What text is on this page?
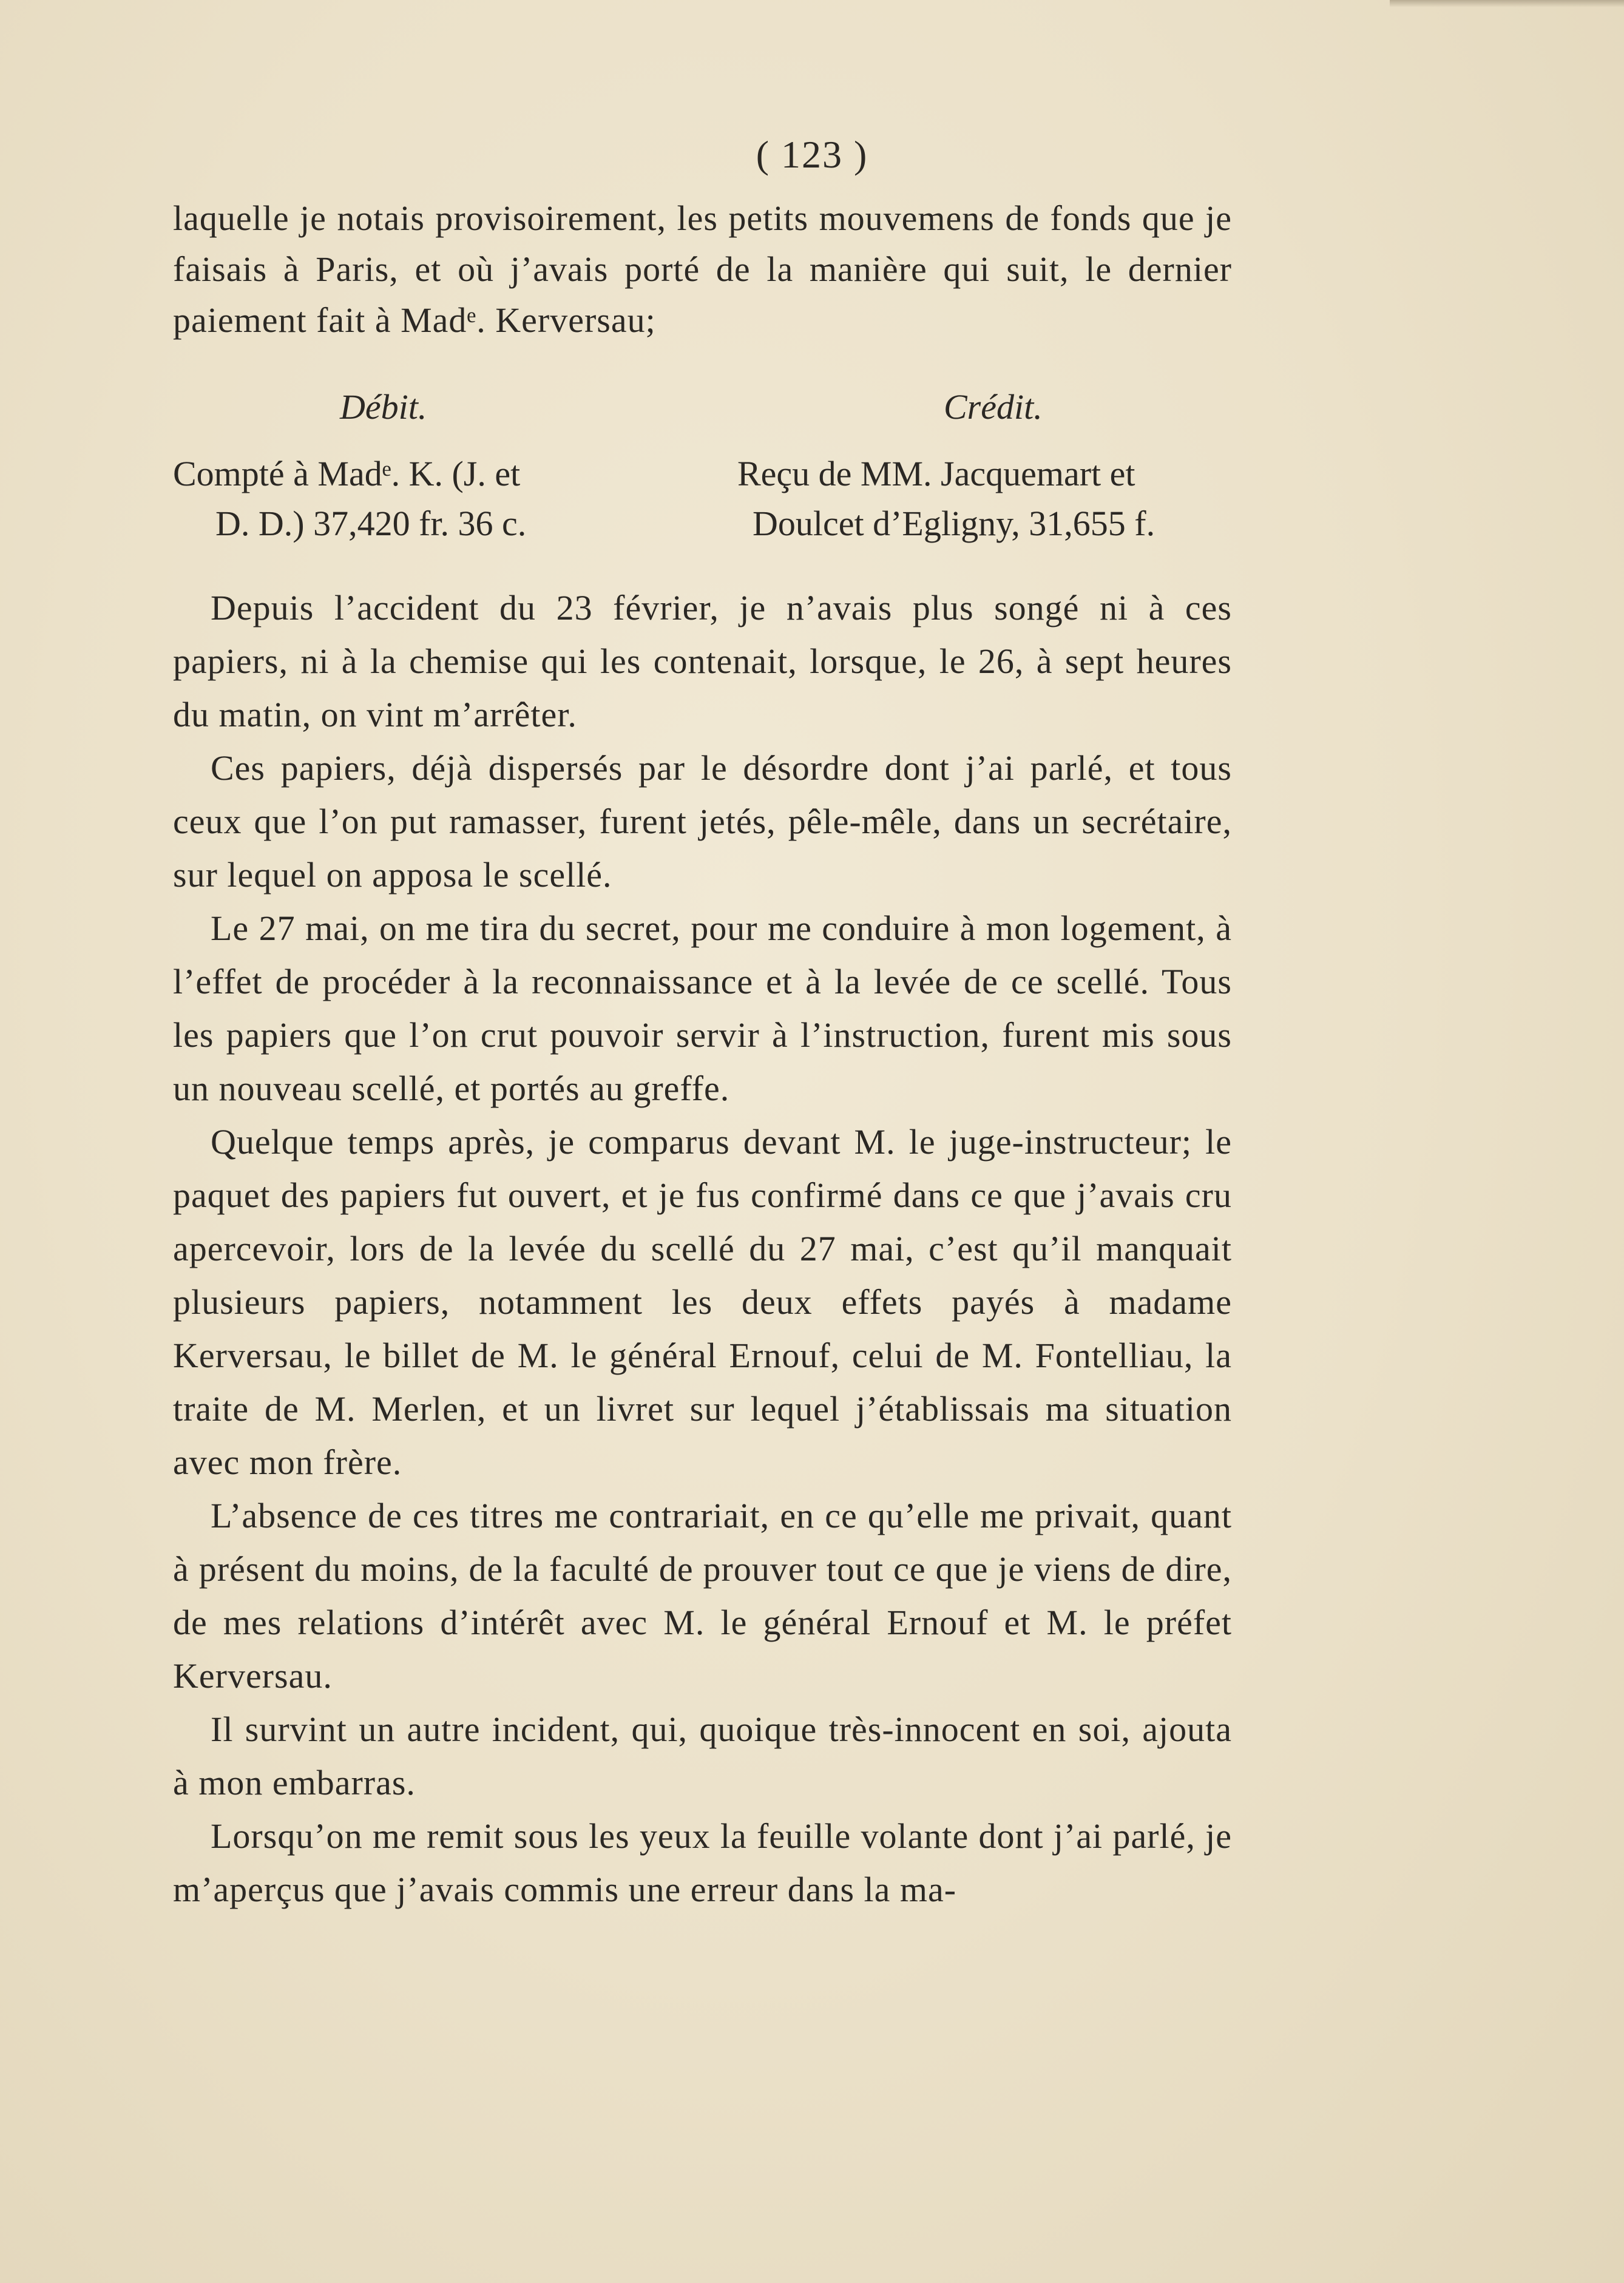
( 123 )

laquelle je notais provisoirement, les petits mouvemens de fonds que je faisais à Paris, et où j’avais porté de la manière qui suit, le dernier paiement fait à Madᵉ. Kerversau;

Débit.	Crédit.
Compté à Madᵉ. K. (J. et
D. D.) 37,420 fr. 36 c.
Reçu de MM. Jacquemart et
Doulcet d’Egligny, 31,655 f.

Depuis l’accident du 23 février, je n’avais plus songé ni à ces papiers, ni à la chemise qui les contenait, lorsque, le 26, à sept heures du matin, on vint m’arrêter.

Ces papiers, déjà dispersés par le désordre dont j’ai parlé, et tous ceux que l’on put ramasser, furent jetés, pêle-mêle, dans un secrétaire, sur lequel on apposa le scellé.

Le 27 mai, on me tira du secret, pour me conduire à mon logement, à l’effet de procéder à la reconnaissance et à la levée de ce scellé. Tous les papiers que l’on crut pouvoir servir à l’instruction, furent mis sous un nouveau scellé, et portés au greffe.

Quelque temps après, je comparus devant M. le juge-instructeur; le paquet des papiers fut ouvert, et je fus confirmé dans ce que j’avais cru apercevoir, lors de la levée du scellé du 27 mai, c’est qu’il manquait plusieurs papiers, notamment les deux effets payés à madame Kerversau, le billet de M. le général Ernouf, celui de M. Fontelliau, la traite de M. Merlen, et un livret sur lequel j’établissais ma situation avec mon frère.

L’absence de ces titres me contrariait, en ce qu’elle me privait, quant à présent du moins, de la faculté de prouver tout ce que je viens de dire, de mes relations d’intérêt avec M. le général Ernouf et M. le préfet Kerversau.

Il survint un autre incident, qui, quoique très-innocent en soi, ajouta à mon embarras.

Lorsqu’on me remit sous les yeux la feuille volante dont j’ai parlé, je m’aperçus que j’avais commis une erreur dans la ma-
